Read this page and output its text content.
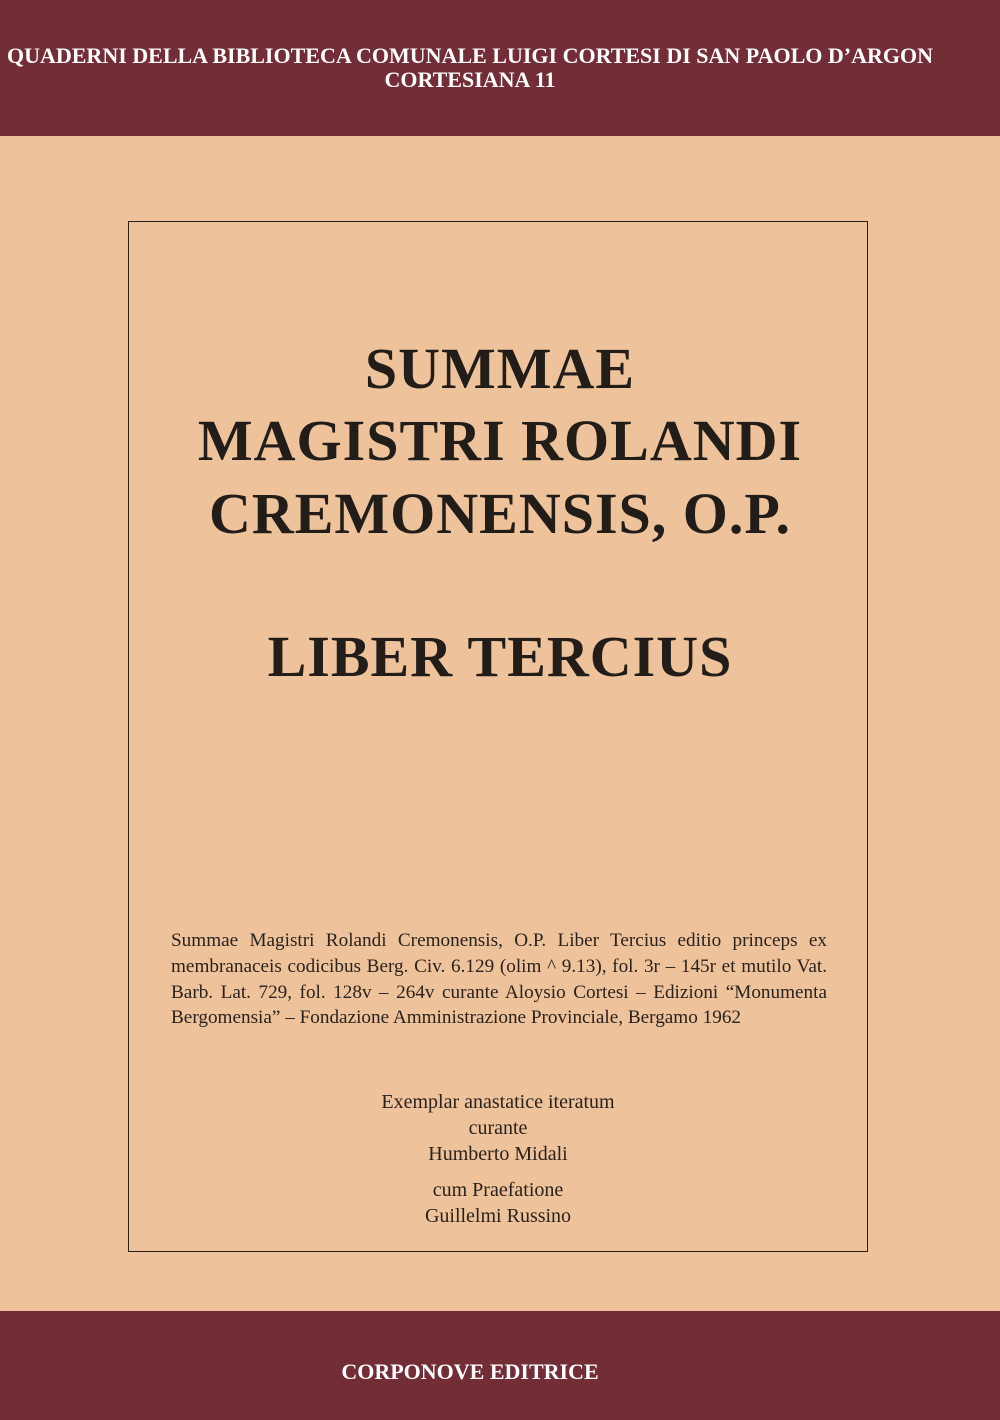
QUADERNI DELLA BIBLIOTECA COMUNALE LUIGI CORTESI DI SAN PAOLO D’ARGON
CORTESIANA 11
SUMMAE
MAGISTRI ROLANDI
CREMONENSIS, O.P.
LIBER TERCIUS
Summae Magistri Rolandi Cremonensis, O.P. Liber Tercius editio princeps ex membranaceis codicibus Berg. Civ. 6.129 (olim ^ 9.13), fol. 3r – 145r et mutilo Vat. Barb. Lat. 729, fol. 128v – 264v curante Aloysio Cortesi – Edizioni “Monumenta Bergomensia” – Fondazione Amministrazione Provinciale, Bergamo 1962
Exemplar anastatice iteratum
curante
Humberto Midali
cum Praefatione
Guillelmi Russino
CORPONOVE EDITRICE
